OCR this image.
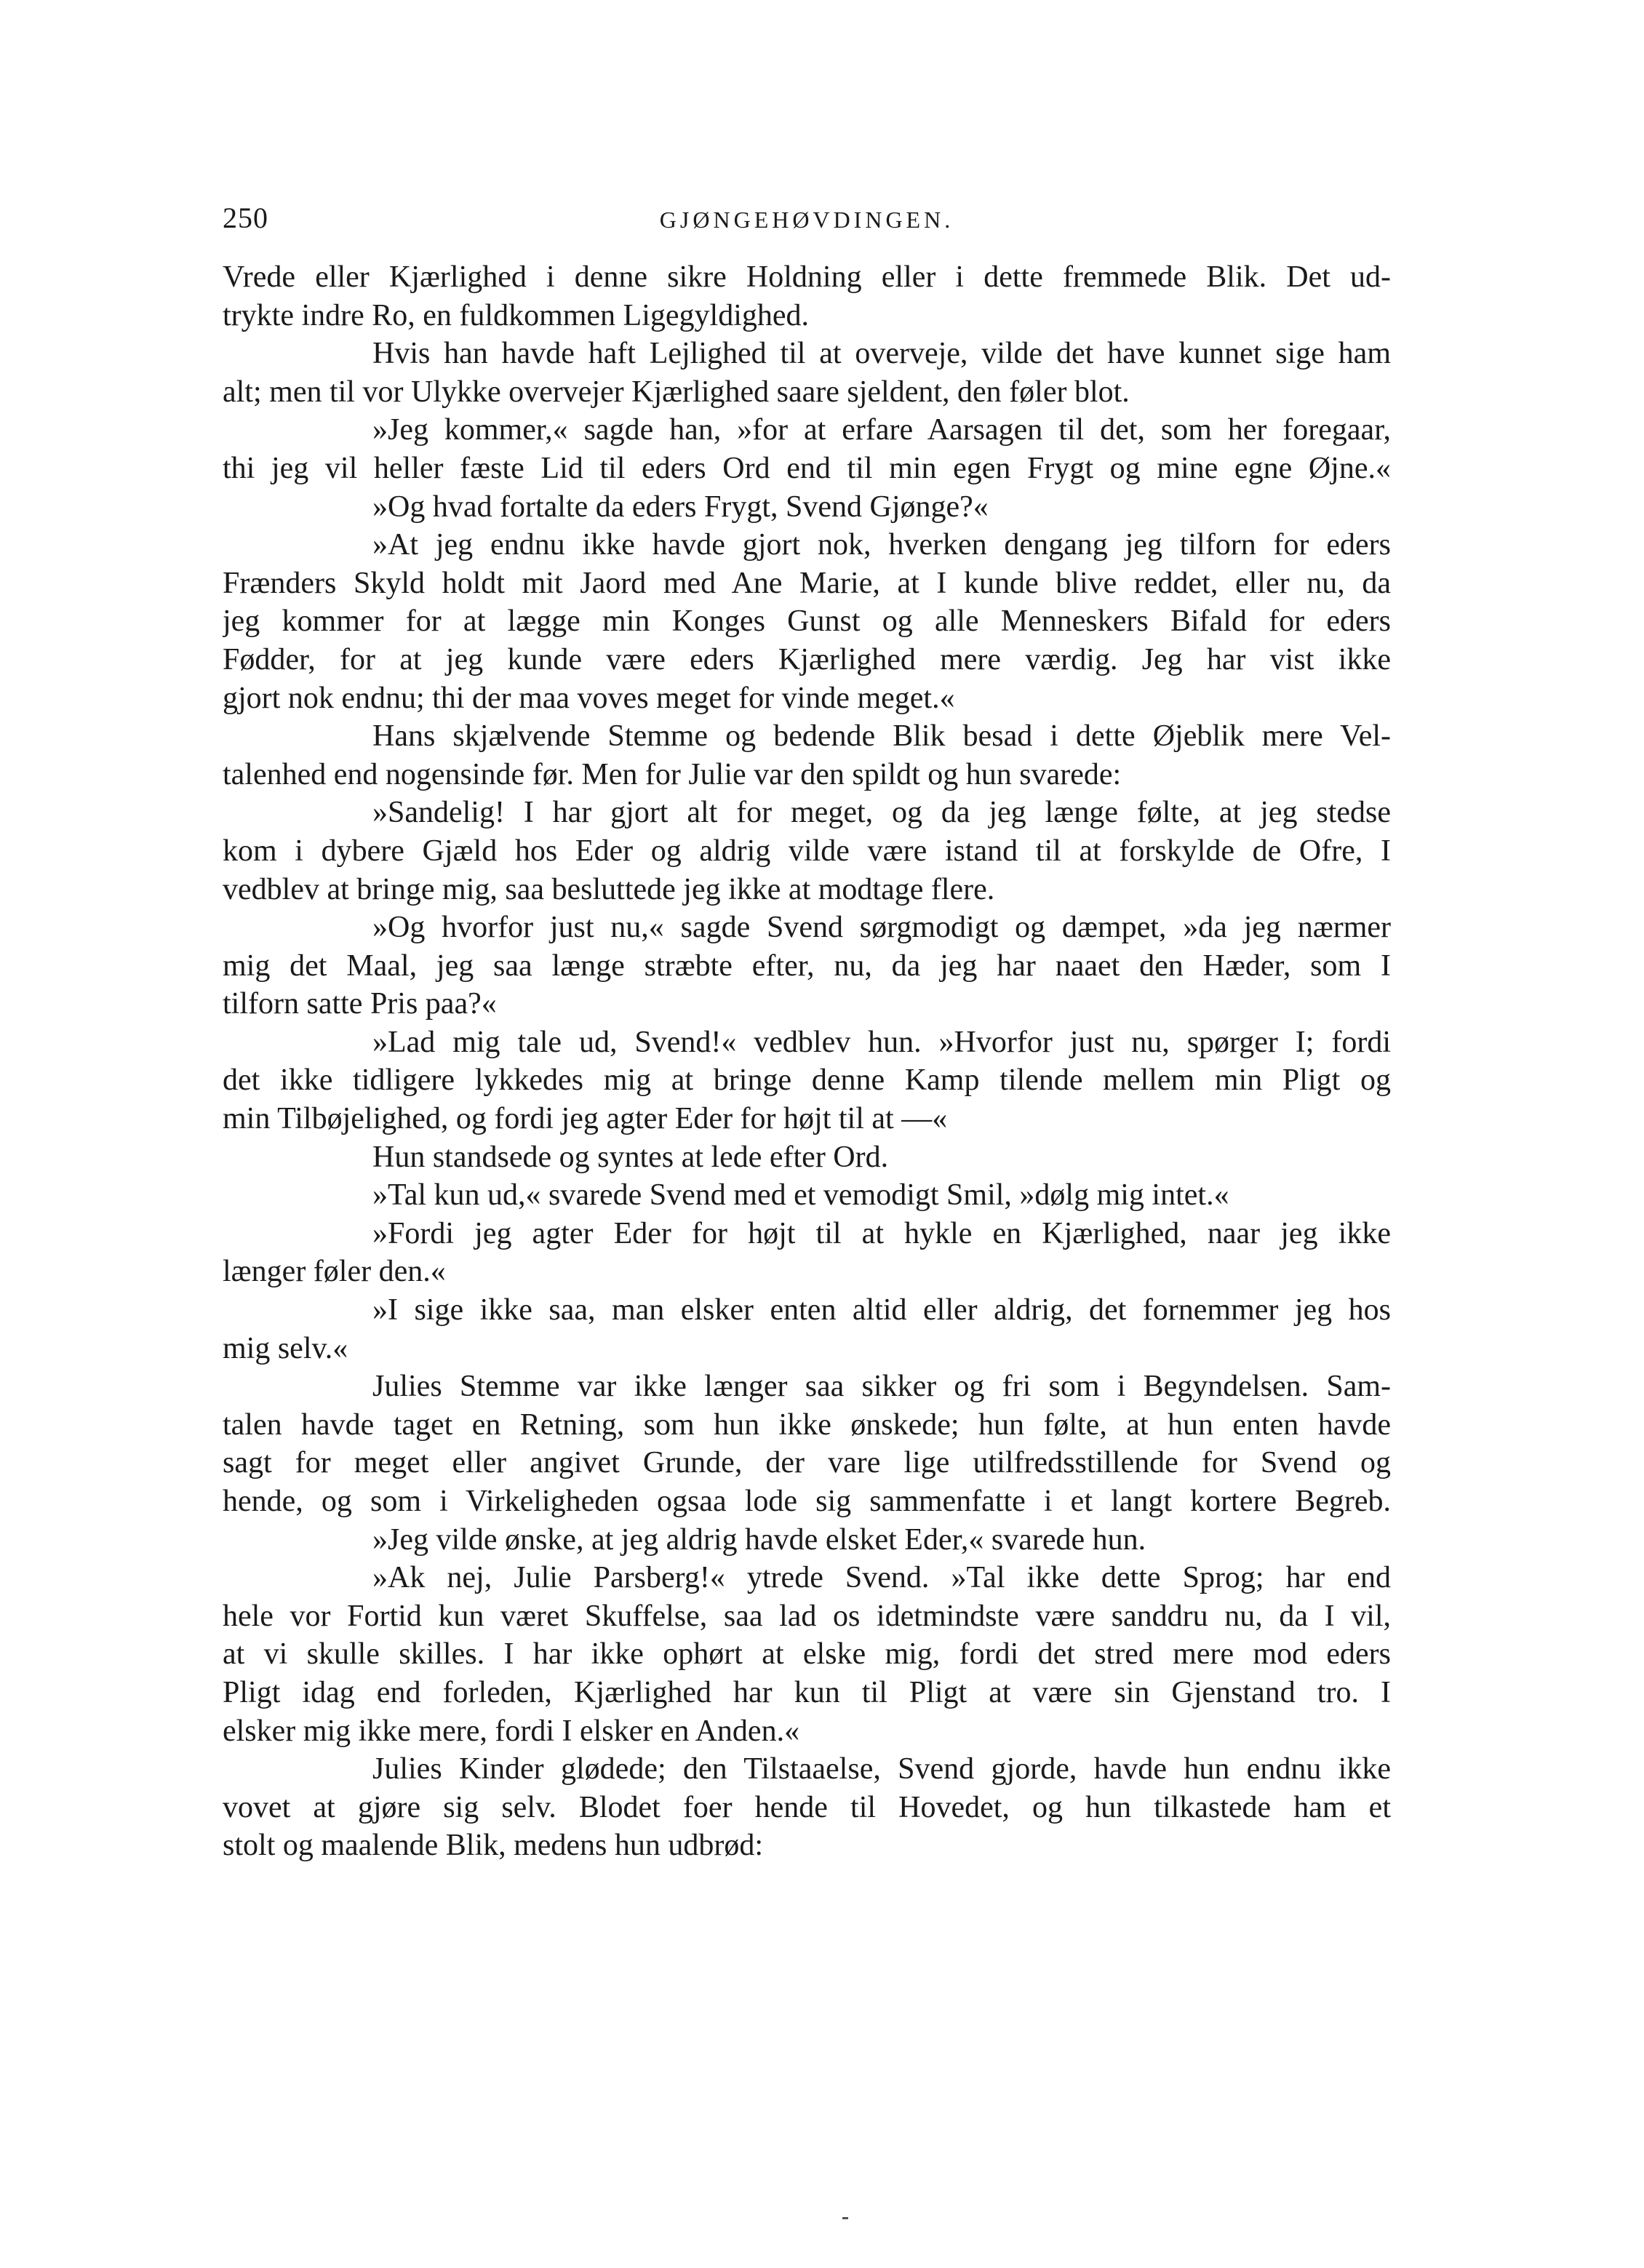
250	GJØNGEHØVDINGEN.
Vrede eller Kjærlighed i denne sikre Holdning eller i dette fremmede Blik. Det ud-
trykte indre Ro, en fuldkommen Ligegyldighed.
Hvis han havde haft Lejlighed til at overveje, vilde det have kunnet sige ham
alt; men til vor Ulykke overvejer Kjærlighed saare sjeldent, den føler blot.
»Jeg kommer,« sagde han, »for at erfare Aarsagen til det, som her foregaar,
thi jeg vil heller fæste Lid til eders Ord end til min egen Frygt og mine egne Øjne.«
»Og hvad fortalte da eders Frygt, Svend Gjønge?«
»At jeg endnu ikke havde gjort nok, hverken dengang jeg tilforn for eders
Frænders Skyld holdt mit Jaord med Ane Marie, at I kunde blive reddet, eller nu, da
jeg kommer for at lægge min Konges Gunst og alle Menneskers Bifald for eders
Fødder, for at jeg kunde være eders Kjærlighed mere værdig. Jeg har vist ikke
gjort nok endnu; thi der maa voves meget for vinde meget.«
Hans skjælvende Stemme og bedende Blik besad i dette Øjeblik mere Vel-
talenhed end nogensinde før. Men for Julie var den spildt og hun svarede:
»Sandelig! I har gjort alt for meget, og da jeg længe følte, at jeg stedse
kom i dybere Gjæld hos Eder og aldrig vilde være istand til at forskylde de Ofre, I
vedblev at bringe mig, saa besluttede jeg ikke at modtage flere.
»Og hvorfor just nu,« sagde Svend sørgmodigt og dæmpet, »da jeg nærmer
mig det Maal, jeg saa længe stræbte efter, nu, da jeg har naaet den Hæder, som I
tilforn satte Pris paa?«
»Lad mig tale ud, Svend!« vedblev hun. »Hvorfor just nu, spørger I; fordi
det ikke tidligere lykkedes mig at bringe denne Kamp tilende mellem min Pligt og
min Tilbøjelighed, og fordi jeg agter Eder for højt til at —«
Hun standsede og syntes at lede efter Ord.
»Tal kun ud,« svarede Svend med et vemodigt Smil, »dølg mig intet.«
»Fordi jeg agter Eder for højt til at hykle en Kjærlighed, naar jeg ikke
længer føler den.«
»I sige ikke saa, man elsker enten altid eller aldrig, det fornemmer jeg hos
mig selv.«
Julies Stemme var ikke længer saa sikker og fri som i Begyndelsen. Sam-
talen havde taget en Retning, som hun ikke ønskede; hun følte, at hun enten havde
sagt for meget eller angivet Grunde, der vare lige utilfredsstillende for Svend og
hende, og som i Virkeligheden ogsaa lode sig sammenfatte i et langt kortere Begreb.
»Jeg vilde ønske, at jeg aldrig havde elsket Eder,« svarede hun.
»Ak nej, Julie Parsberg!« ytrede Svend. »Tal ikke dette Sprog; har end
hele vor Fortid kun været Skuffelse, saa lad os idetmindste være sanddru nu, da I vil,
at vi skulle skilles. I har ikke ophørt at elske mig, fordi det stred mere mod eders
Pligt idag end forleden, Kjærlighed har kun til Pligt at være sin Gjenstand tro. I
elsker mig ikke mere, fordi I elsker en Anden.«
Julies Kinder glødede; den Tilstaaelse, Svend gjorde, havde hun endnu ikke
vovet at gjøre sig selv. Blodet foer hende til Hovedet, og hun tilkastede ham et
stolt og maalende Blik, medens hun udbrød:
